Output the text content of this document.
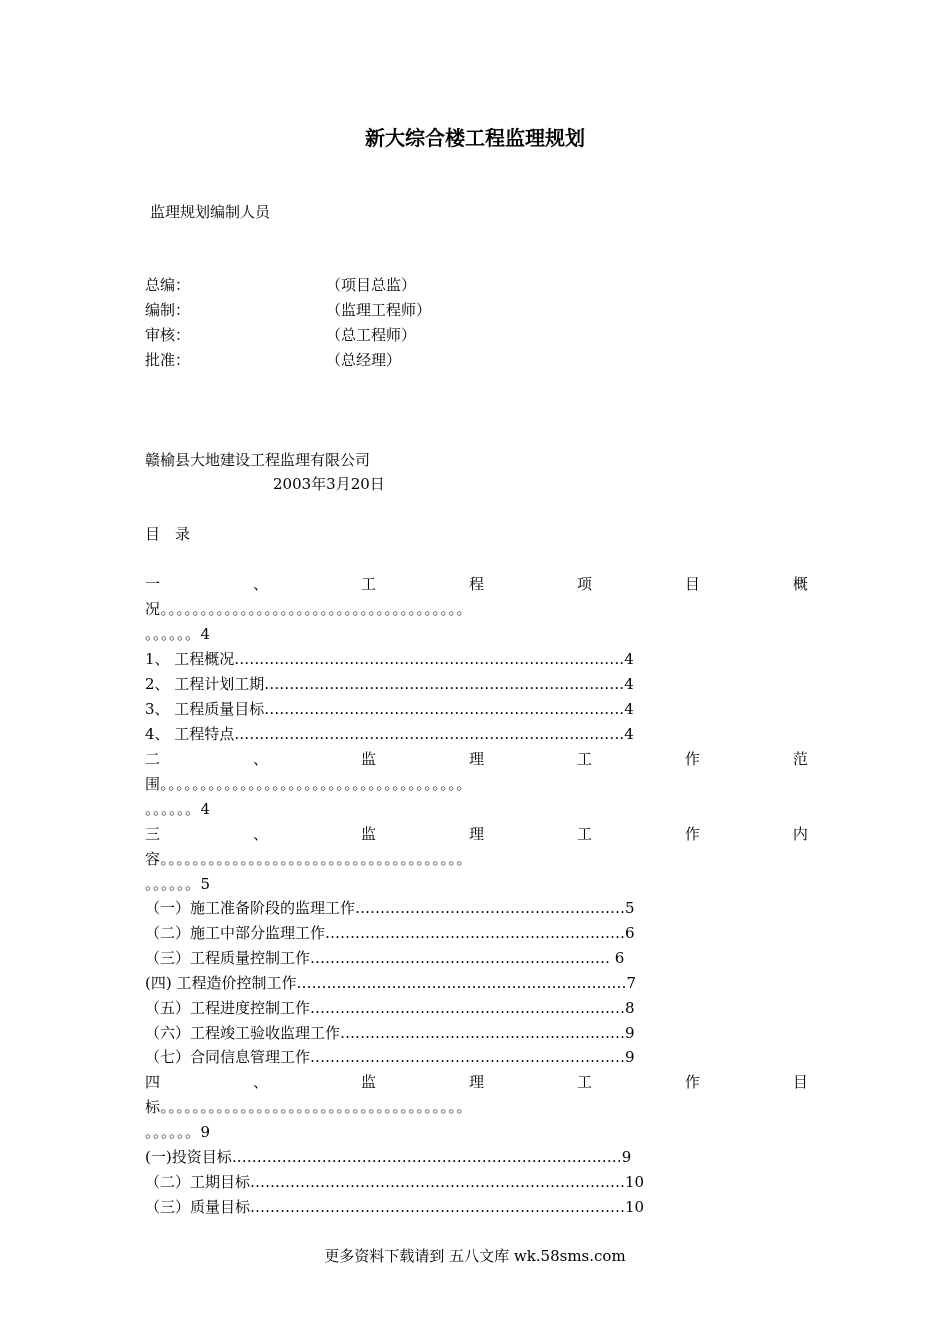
新大综合楼工程监理规划
监理规划编制人员
总编：	（项目总监）
编制：	（监理工程师）
审核：	（总工程师）
批准：	（总经理）
赣榆县大地建设工程监理有限公司
2003年3月20日
目　录
一	、	工	程	项	目	概
况。。。。。。。。。。。。。。。。。。。。。。。。。。。。。。。。。。。。。。
。。。。。。4
1、 工程概况……………………………………………………………………4
2、 工程计划工期………………………………………………………………4
3、 工程质量目标………………………………………………………………4
4、 工程特点……………………………………………………………………4
二	、	监	理	工	作	范
围。。。。。。。。。。。。。。。。。。。。。。。。。。。。。。。。。。。。。。
。。。。。。4
三	、	监	理	工	作	内
容。。。。。。。。。。。。。。。。。。。。。。。。。。。。。。。。。。。。。。
。。。。。。5
（一）施工准备阶段的监理工作………………………………………………5
（二）施工中部分监理工作……………………………………………………6
（三）工程质量控制工作…………………………………………………… 6
(四) 工程造价控制工作…………………………………………………………7
（五）工程进度控制工作………………………………………………………8
（六）工程竣工验收监理工作…………………………………………………9
（七）合同信息管理工作………………………………………………………9
四	、	监	理	工	作	目
标。。。。。。。。。。。。。。。。。。。。。。。。。。。。。。。。。。。。。。
。。。。。。9
(一)投资目标……………………………………………………………………9
（二）工期目标…………………………………………………………………10
（三）质量目标…………………………………………………………………10
更多资料下载请到 五八文库 wk.58sms.com
